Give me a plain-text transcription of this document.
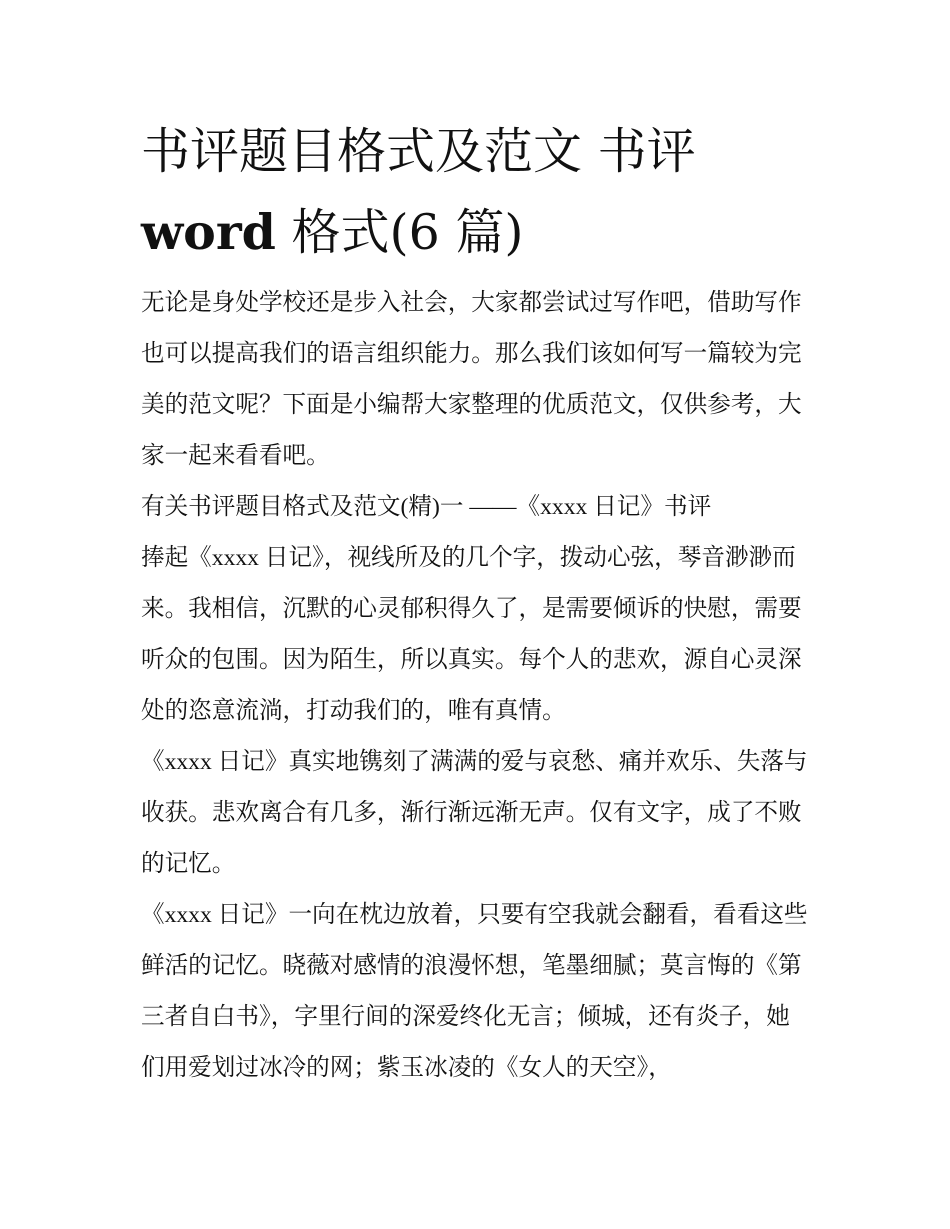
书评题目格式及范文 书评
word 格式(6 篇)

无论是身处学校还是步入社会，大家都尝试过写作吧，借助写作也可以提高我们的语言组织能力。那么我们该如何写一篇较为完美的范文呢？下面是小编帮大家整理的优质范文，仅供参考，大家一起来看看吧。

有关书评题目格式及范文(精)一 ——《xxxx 日记》书评

捧起《xxxx 日记》，视线所及的几个字，拨动心弦，琴音渺渺而来。我相信，沉默的心灵郁积得久了，是需要倾诉的快慰，需要听众的包围。因为陌生，所以真实。每个人的悲欢，源自心灵深处的恣意流淌，打动我们的，唯有真情。

《xxxx 日记》真实地镌刻了满满的爱与哀愁、痛并欢乐、失落与收获。悲欢离合有几多，渐行渐远渐无声。仅有文字，成了不败的记忆。

《xxxx 日记》一向在枕边放着，只要有空我就会翻看，看看这些鲜活的记忆。晓薇对感情的浪漫怀想，笔墨细腻；莫言悔的《第三者自白书》，字里行间的深爱终化无言；倾城，还有炎子，她们用爱划过冰冷的网；紫玉冰凌的《女人的天空》，
